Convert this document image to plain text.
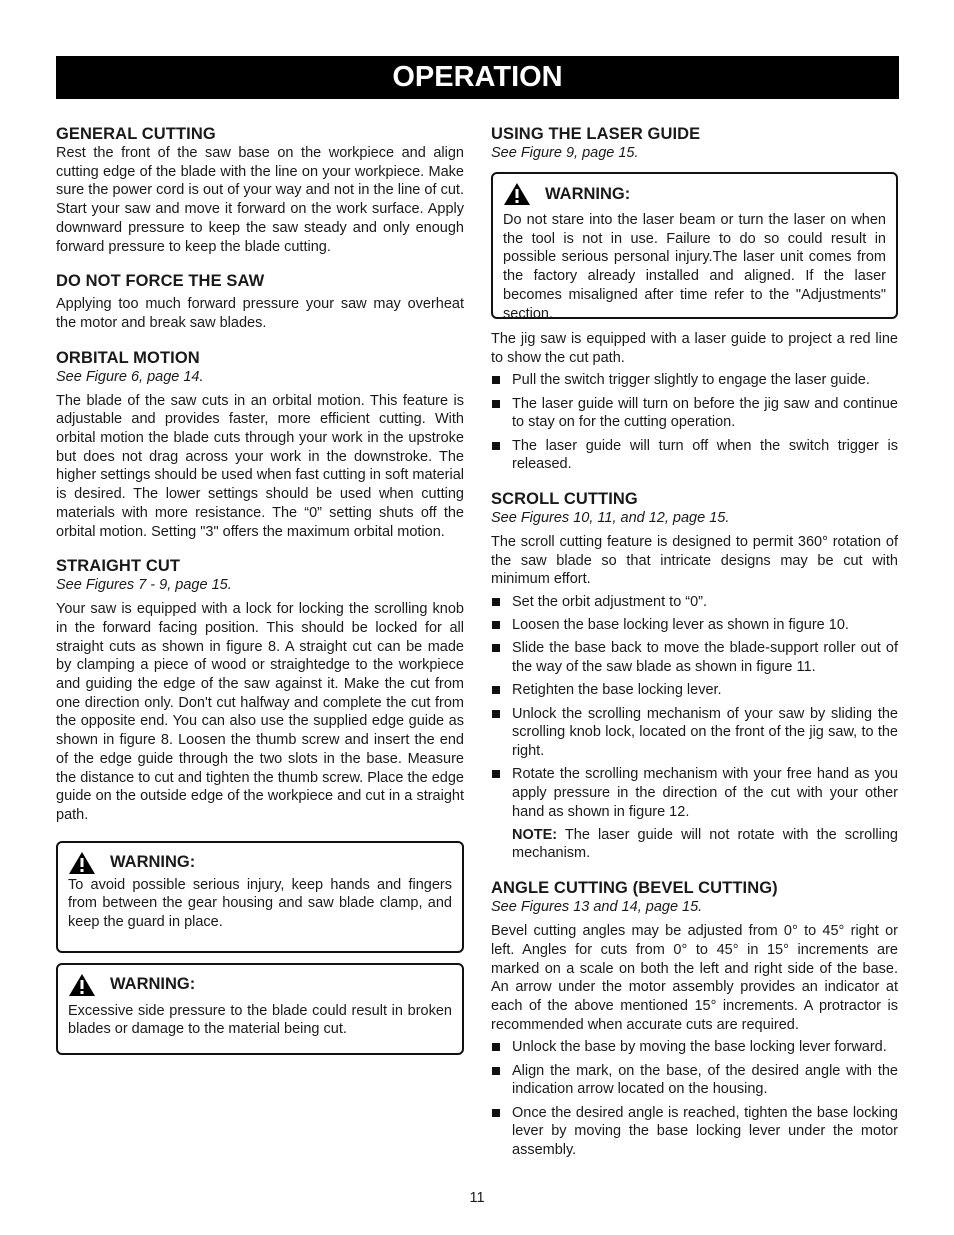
OPERATION
GENERAL CUTTING

Rest the front of the saw base on the workpiece and align cutting edge of the blade with the line on your workpiece. Make sure the power cord is out of your way and not in the line of cut. Start your saw and move it forward on the work surface. Apply downward pressure to keep the saw steady and only enough forward pressure to keep the blade cutting.

DO NOT FORCE THE SAW

Applying too much forward pressure your saw may overheat the motor and break saw blades.

ORBITAL MOTION
See Figure 6, page 14.

The blade of the saw cuts in an orbital motion. This feature is adjustable and provides faster, more efficient cutting. With orbital motion the blade cuts through your work in the upstroke but does not drag across your work in the downstroke. The higher settings should be used when fast cutting in soft material is desired. The lower settings should be used when cutting materials with more resistance. The “0” setting shuts off the orbital motion. Setting "3" offers the maximum orbital motion.

STRAIGHT CUT
See Figures 7 - 9, page 15.

Your saw is equipped with a lock for locking the scrolling knob in the forward facing position. This should be locked for all straight cuts as shown in figure 8. A straight cut can be made by clamping a piece of wood or straightedge to the workpiece and guiding the edge of the saw against it. Make the cut from one direction only. Don't cut halfway and complete the cut from the opposite end. You can also use the supplied edge guide as shown in figure 8. Loosen the thumb screw and insert the end of the edge guide through the two slots in the base. Measure the distance to cut and tighten the thumb screw. Place the edge guide on the outside edge of the workpiece and cut in a straight path.

WARNING:

To avoid possible serious injury, keep hands and fingers from between the gear housing and saw blade clamp, and keep the guard in place.

WARNING:

Excessive side pressure to the blade could result in broken blades or damage to the material being cut.

USING THE LASER GUIDE
See Figure 9, page 15.
WARNING:

Do not stare into the laser beam or turn the laser on when the tool is not in use. Failure to do so could result in possible serious personal injury.The laser unit comes from the factory already installed and aligned. If the laser becomes misaligned after time refer to the "Adjustments" section.

The jig saw is equipped with a laser guide to project a red line to show the cut path.

Pull the switch trigger slightly to engage the laser guide.
The laser guide will turn on before the jig saw and continue to stay on for the cutting operation.
The laser guide will turn off when the switch trigger is released.
SCROLL CUTTING
See Figures 10, 11, and 12, page 15.

The scroll cutting feature is designed to permit 360° rotation of the saw blade so that intricate designs may be cut with minimum effort.

Set the orbit adjustment to “0”.
Loosen the base locking lever as shown in figure 10.
Slide the base back to move the blade-support roller out of the way of the saw blade as shown in figure 11.
Retighten the base locking lever.
Unlock the scrolling mechanism of your saw by sliding the scrolling knob lock, located on the front of the jig saw, to the right.
Rotate the scrolling mechanism with your free hand as you apply pressure in the direction of the cut with your other hand as shown in figure 12.
NOTE: The laser guide will not rotate with the scrolling mechanism.
ANGLE CUTTING (BEVEL CUTTING)
See Figures 13 and 14, page 15.

Bevel cutting angles may be adjusted from 0° to 45° right or left. Angles for cuts from 0° to 45° in 15° increments are marked on a scale on both the left and right side of the base. An arrow under the motor assembly provides an indicator at each of the above mentioned 15° increments. A protractor is recommended when accurate cuts are required.

Unlock the base by moving the base locking lever forward.
Align the mark, on the base, of the desired angle with the indication arrow located on the housing.
Once the desired angle is reached, tighten the base locking lever by moving the base locking lever under the motor assembly.
11
